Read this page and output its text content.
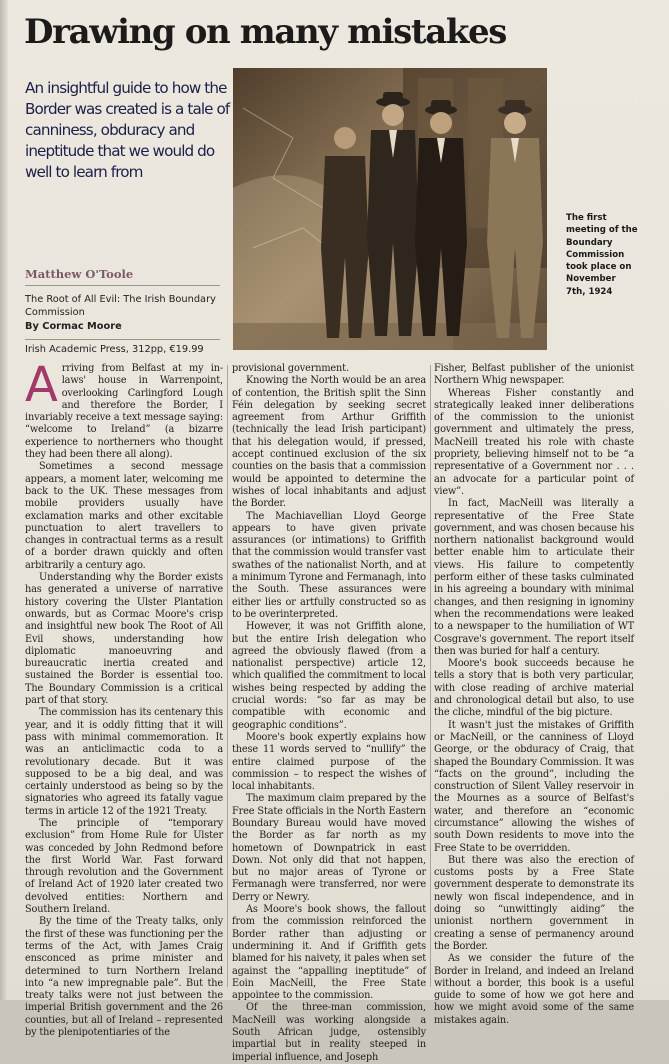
Drawing on many mistakes

An insightful guide to how the Border was created is a tale of canniness, obduracy and ineptitude that we would do well to learn from

The first
meeting of the
Boundary
Commission
took place on
November
7th, 1924

Matthew O'Toole

The Root of All Evil: The Irish Boundary Commission

By Cormac Moore
Irish Academic Press, 312pp, €19.99

Arriving from Belfast at my in-laws' house in Warrenpoint, overlooking Carlingford Lough and therefore the Border, I invariably receive a text message saying: “welcome to Ireland” (a bizarre experience to northerners who thought they had been there all along).

Sometimes a second message appears, a moment later, welcoming me back to the UK. These messages from mobile providers usually have exclamation marks and other excitable punctuation to alert travellers to changes in contractual terms as a result of a border drawn quickly and often arbitrarily a century ago.

Understanding why the Border exists has generated a universe of narrative history covering the Ulster Plantation onwards, but as Cormac Moore's crisp and insightful new book The Root of All Evil shows, understanding how diplomatic manoeuvring and bureaucratic inertia created and sustained the Border is essential too. The Boundary Commission is a critical part of that story.

The commission has its centenary this year, and it is oddly fitting that it will pass with minimal commemoration. It was an anticlimactic coda to a revolutionary decade. But it was supposed to be a big deal, and was certainly understood as being so by the signatories who agreed its fatally vague terms in article 12 of the 1921 Treaty.

The principle of “temporary exclusion” from Home Rule for Ulster was conceded by John Redmond before the first World War. Fast forward through revolution and the Government of Ireland Act of 1920 later created two devolved entities: Northern and Southern Ireland.

By the time of the Treaty talks, only the first of these was functioning per the terms of the Act, with James Craig ensconced as prime minister and determined to turn Northern Ireland into “a new impregnable pale”. But the treaty talks were not just between the imperial British government and the 26 counties, but all of Ireland – represented by the plenipotentiaries of the

provisional government.

Knowing the North would be an area of contention, the British split the Sinn Féin delegation by seeking secret agreement from Arthur Griffith (technically the lead Irish participant) that his delegation would, if pressed, accept continued exclusion of the six counties on the basis that a commission would be appointed to determine the wishes of local inhabitants and adjust the Border.

The Machiavellian Lloyd George appears to have given private assurances (or intimations) to Griffith that the commission would transfer vast swathes of the nationalist North, and at a minimum Tyrone and Fermanagh, into the South. These assurances were either lies or artfully constructed so as to be overinterpreted.

However, it was not Griffith alone, but the entire Irish delegation who agreed the obviously flawed (from a nationalist perspective) article 12, which qualified the commitment to local wishes being respected by adding the crucial words: “so far as may be compatible with economic and geographic conditions”.

Moore's book expertly explains how these 11 words served to “nullify” the entire claimed purpose of the commission – to respect the wishes of local inhabitants.

The maximum claim prepared by the Free State officials in the North Eastern Boundary Bureau would have moved the Border as far north as my hometown of Downpatrick in east Down. Not only did that not happen, but no major areas of Tyrone or Fermanagh were transferred, nor were Derry or Newry.

As Moore's book shows, the fallout from the commission reinforced the Border rather than adjusting or undermining it. And if Griffith gets blamed for his naivety, it pales when set against the “appalling ineptitude” of Eoin MacNeill, the Free State appointee to the commission.

Of the three-man commission, MacNeill was working alongside a South African judge, ostensibly impartial but in reality steeped in imperial influence, and Joseph

Fisher, Belfast publisher of the unionist Northern Whig newspaper.

Whereas Fisher constantly and strategically leaked inner deliberations of the commission to the unionist government and ultimately the press, MacNeill treated his role with chaste propriety, believing himself not to be “a representative of a Government nor . . . an advocate for a particular point of view”.

In fact, MacNeill was literally a representative of the Free State government, and was chosen because his northern nationalist background would better enable him to articulate their views. His failure to competently perform either of these tasks culminated in his agreeing a boundary with minimal changes, and then resigning in ignominy when the recommendations were leaked to a newspaper to the humiliation of WT Cosgrave's government. The report itself then was buried for half a century.

Moore's book succeeds because he tells a story that is both very particular, with close reading of archive material and chronological detail but also, to use the cliche, mindful of the big picture.

It wasn't just the mistakes of Griffith or MacNeill, or the canniness of Lloyd George, or the obduracy of Craig, that shaped the Boundary Commission. It was “facts on the ground”, including the construction of Silent Valley reservoir in the Mournes as a source of Belfast's water, and therefore an “economic circumstance” allowing the wishes of south Down residents to move into the Free State to be overridden.

But there was also the erection of customs posts by a Free State government desperate to demonstrate its newly won fiscal independence, and in doing so “unwittingly aiding” the unionist northern government in creating a sense of permanency around the Border.

As we consider the future of the Border in Ireland, and indeed an Ireland without a border, this book is a useful guide to some of how we got here and how we might avoid some of the same mistakes again.
